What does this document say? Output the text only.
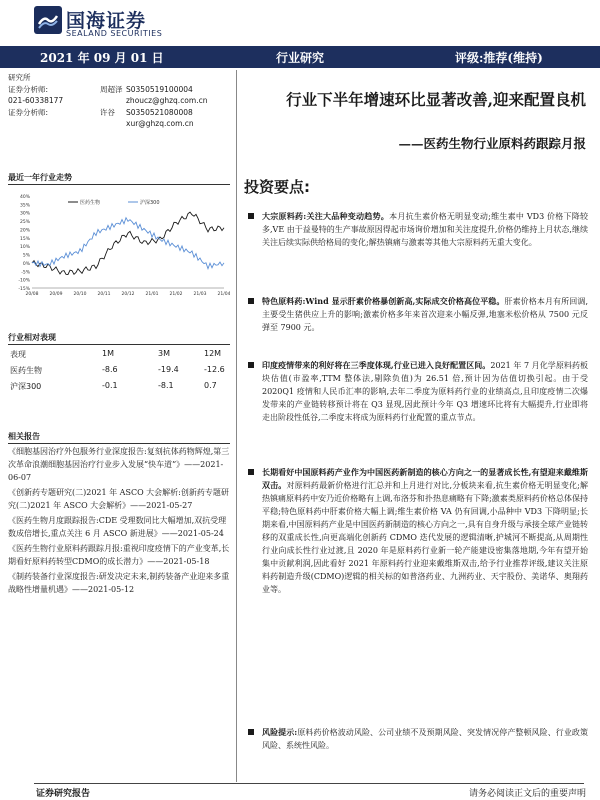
国海证券
SEALAND SECURITIES
2021 年 09 月 01 日	行业研究	评级:推荐(维持)
研究所
证券分析师:	周超泽 S0350519100004
021-60338177	zhoucz@ghzq.com.cn
证券分析师:	许谷 S0350521080008
xur@ghzq.com.cn
最近一年行业走势
40%
35%
30%
25%
20%
15%
10%
5%
0%
-5%
-10%
-15%
20/08 20/09 20/10 20/11 20/12 21/01 21/02 21/03 21/04
医药生物	沪深300
行业相对表现
表现	1M	3M	12M
医药生物	-8.6	-19.4	-12.6
沪深300	-0.1	-8.1	0.7
相关报告

《细胞基因治疗外包服务行业深度报告:复刻抗体药物辉煌,第三次革命浪潮细胞基因治疗行业步入发展“快车道”》——2021-06-07

《创新药专题研究(二)2021 年 ASCO 大会解析:创新药专题研究(二)2021 年 ASCO 大会解析》——2021-05-27

《医药生物月度跟踪报告:CDE 受理数同比大幅增加,双抗受理数成倍增长,重点关注 6 月 ASCO 新进展》——2021-05-24

《医药生物行业原料药跟踪月报:重视印度疫情下的产业变革,长期看好原料药转型CDMO的成长潜力》——2021-05-18

《制药装备行业深度报告:研发决定未来,制药装备产业迎来多重战略性增量机遇》——2021-05-12

行业下半年增速环比显著改善,迎来配置良机
——医药生物行业原料药跟踪月报
投资要点:
大宗原料药:关注大品种变动趋势。本月抗生素价格无明显变动;维生素中 VD3 价格下降较多,VE 由于益曼特的生产事故原因得起市场询价增加和关注度提升,价格仍维持上月状态,继续关注后续实际供给格局的变化;解热镇痛与激素等其他大宗原料药无重大变化。
特色原料药:Wind 显示肝素价格暴创新高,实际成交价格高位平稳。肝素价格本月有所回调,主要受生猪供应上升的影响;激素价格多年来首次迎来小幅反弹,地塞米松价格从 7500 元反弹至 7900 元。
印度疫情带来的利好将在三季度体现,行业已进入良好配置区间。2021 年 7 月化学原料药板块估值(市盈率,TTM 整体法,剔除负值)为 26.51 倍,预计因为估值切换引起。由于受 2020Q1 疫情和人民币汇率的影响,去年二季度为原料药行业的业绩高点,且印度疫情二次爆发带来的产业链转移预计将在 Q3 显现,因此预计今年 Q3 增速环比将有大幅提升,行业即将走出阶段性低谷,二季度末将成为原料药行业配置的重点节点。
长期看好中国原料药产业作为中国医药新制造的核心方向之一的显著成长性,有望迎来戴维斯双击。对原料药最新价格进行汇总并和上月进行对比,分板块来看,抗生素价格无明显变化;解热镇痛原料药中安乃近价格略有上调,布洛芬和扑热息痛略有下降;激素类原料药价格总体保持平稳;特色原料药中肝素价格大幅上调;维生素价格 VA 仍有回调,小品种中 VD3 下降明显;长期来看,中国原料药产业是中国医药新制造的核心方向之一,具有自身升级与承接全球产业链转移的双重成长性,向更高端化创新药 CDMO 迭代发展的逻辑清晰,护城河不断提高,从周期性行业向成长性行业过渡,且 2020 年是原料药行业新一轮产能建设密集落地期,今年有望开始集中贡献利润,因此看好 2021 年原料药行业迎来戴维斯双击,给予行业推荐评级,建议关注原料药制造升级(CDMO)逻辑的相关标的如普洛药业、九洲药业、天宇股份、美诺华、奥翔药业等。
风险提示:原料药价格波动风险、公司业绩不及预期风险、突发情况停产整顿风险、行业政策风险、系统性风险。
证券研究报告	请务必阅读正文后的重要声明
